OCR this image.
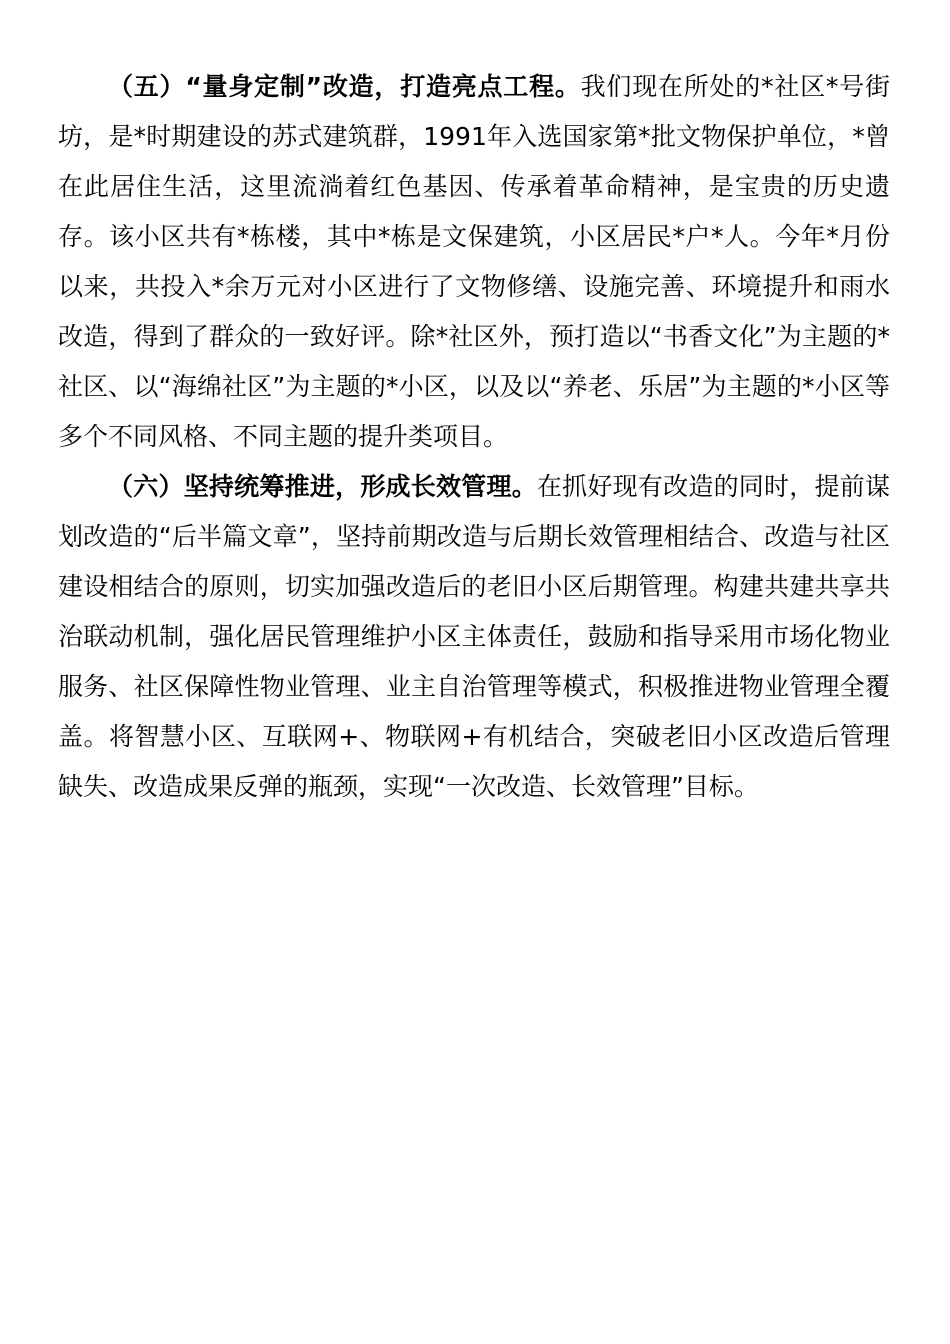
（五）“量身定制”改造，打造亮点工程。我们现在所处的*社区*号街坊，是*时期建设的苏式建筑群，1991年入选国家第*批文物保护单位，*曾在此居住生活，这里流淌着红色基因、传承着革命精神，是宝贵的历史遗存。该小区共有*栋楼，其中*栋是文保建筑，小区居民*户*人。今年*月份以来，共投入*余万元对小区进行了文物修缮、设施完善、环境提升和雨水改造，得到了群众的一致好评。除*社区外，预打造以“书香文化”为主题的*社区、以“海绵社区”为主题的*小区，以及以“养老、乐居”为主题的*小区等多个不同风格、不同主题的提升类项目。

（六）坚持统筹推进，形成长效管理。在抓好现有改造的同时，提前谋划改造的“后半篇文章”，坚持前期改造与后期长效管理相结合、改造与社区建设相结合的原则，切实加强改造后的老旧小区后期管理。构建共建共享共治联动机制，强化居民管理维护小区主体责任，鼓励和指导采用市场化物业服务、社区保障性物业管理、业主自治管理等模式，积极推进物业管理全覆盖。将智慧小区、互联网+、物联网+有机结合，突破老旧小区改造后管理缺失、改造成果反弹的瓶颈，实现“一次改造、长效管理”目标。
